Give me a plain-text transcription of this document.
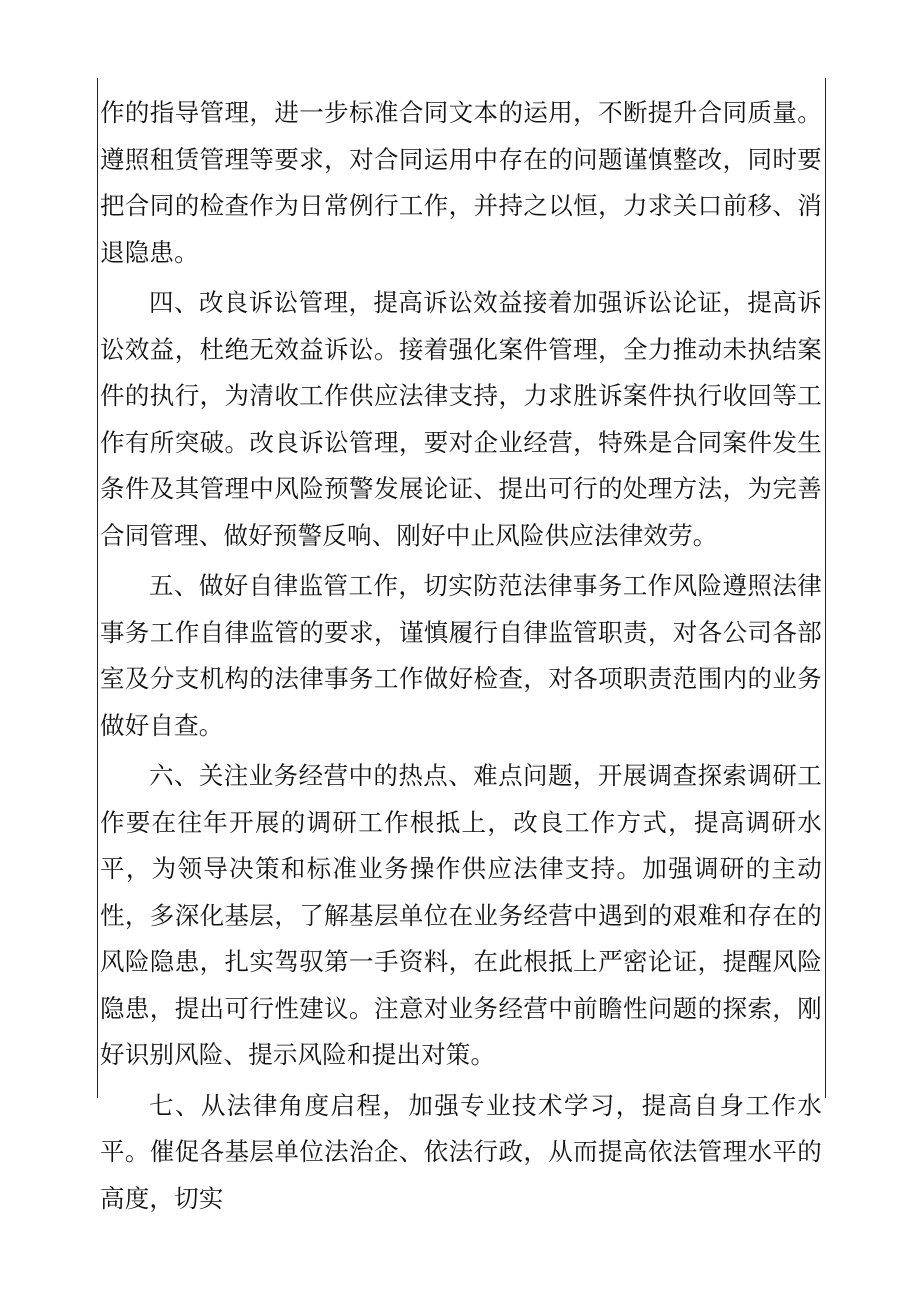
作的指导管理，进一步标准合同文本的运用，不断提升合同质量。遵照租赁管理等要求，对合同运用中存在的问题谨慎整改，同时要把合同的检查作为日常例行工作，并持之以恒，力求关口前移、消退隐患。

四、改良诉讼管理，提高诉讼效益接着加强诉讼论证，提高诉讼效益，杜绝无效益诉讼。接着强化案件管理，全力推动未执结案件的执行，为清收工作供应法律支持，力求胜诉案件执行收回等工作有所突破。改良诉讼管理，要对企业经营，特殊是合同案件发生条件及其管理中风险预警发展论证、提出可行的处理方法，为完善合同管理、做好预警反响、刚好中止风险供应法律效劳。

五、做好自律监管工作，切实防范法律事务工作风险遵照法律事务工作自律监管的要求，谨慎履行自律监管职责，对各公司各部室及分支机构的法律事务工作做好检查，对各项职责范围内的业务做好自查。

六、关注业务经营中的热点、难点问题，开展调查探索调研工作要在往年开展的调研工作根抵上，改良工作方式，提高调研水平，为领导决策和标准业务操作供应法律支持。加强调研的主动性，多深化基层，了解基层单位在业务经营中遇到的艰难和存在的风险隐患，扎实驾驭第一手资料，在此根抵上严密论证，提醒风险隐患，提出可行性建议。注意对业务经营中前瞻性问题的探索，刚好识别风险、提示风险和提出对策。

七、从法律角度启程，加强专业技术学习，提高自身工作水平。催促各基层单位法治企、依法行政，从而提高依法管理水平的高度，切实
